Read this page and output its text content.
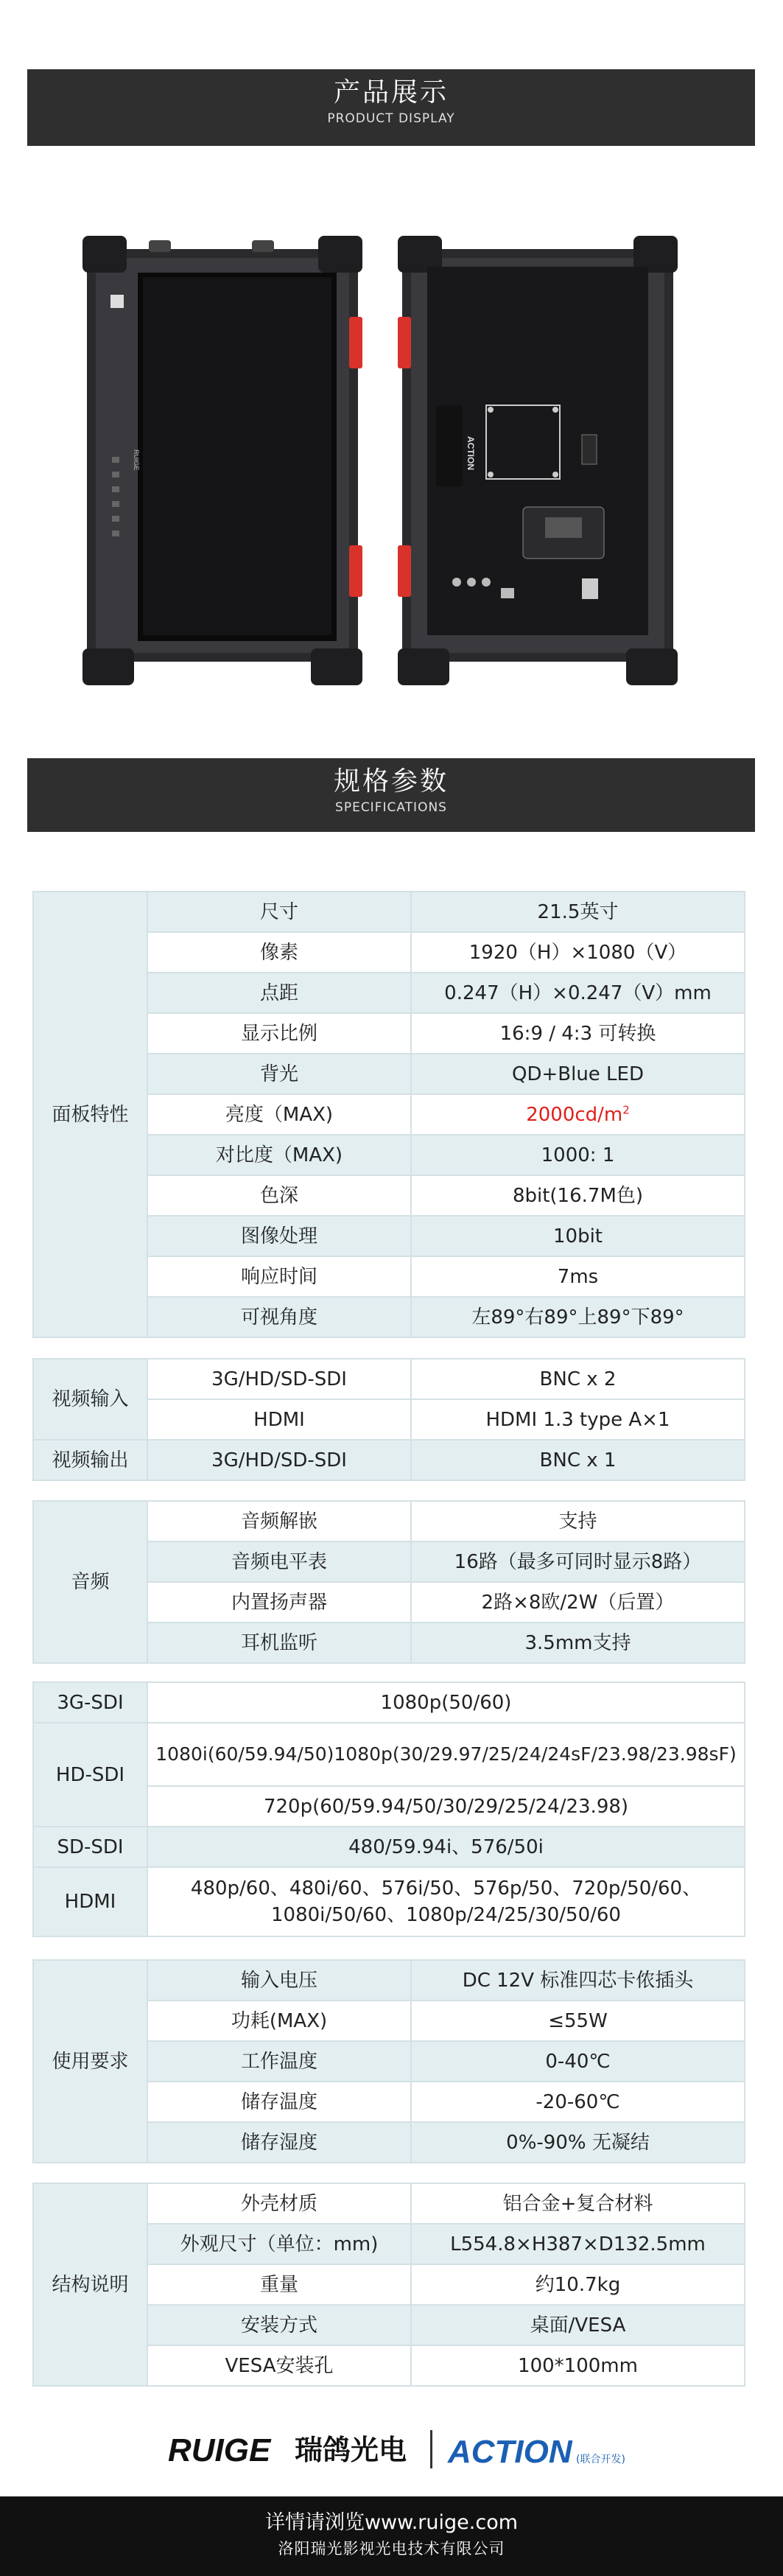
产品展示
PRODUCT DISPLAY
RUIGE	ACTION
规格参数
SPECIFICATIONS
面板特性	尺寸	21.5英寸
	像素	1920（H）×1080（V）
	点距	0.247（H）×0.247（V）mm
	显示比例	16:9 / 4:3 可转换
	背光	QD+Blue LED
	亮度（MAX)	$2000cd/m^2$
	对比度（MAX)	1000: 1
	色深	8bit(16.7M色)
	图像处理	10bit
	响应时间	7ms
	可视角度	左89°右89°上89°下89°
视频输入	3G/HD/SD-SDI	BNC x 2
	HDMI	HDMI 1.3 type A×1
视频输出	3G/HD/SD-SDI	BNC x 1
音频	音频解嵌	支持
	音频电平表	16路（最多可同时显示8路）
	内置扬声器	2路×8欧/2W（后置）
	耳机监听	3.5mm支持
3G-SDI	1080p(50/60)
HD-SDI	1080i(60/59.94/50)1080p(30/29.97/25/24/24sF/23.98/23.98sF)
	720p(60/59.94/50/30/29/25/24/23.98)
SD-SDI	480/59.94i、576/50i
HDMI	480p/60、480i/60、576i/50、576p/50、720p/50/60、
1080i/50/60、1080p/24/25/30/50/60
使用要求	输入电压	DC 12V 标准四芯卡侬插头
	功耗(MAX)	≤55W
	工作温度	0-40℃
	储存温度	-20-60℃
	储存湿度	0%-90% 无凝结
结构说明	外壳材质	铝合金+复合材料
	外观尺寸（单位：mm)	L554.8×H387×D132.5mm
	重量	约10.7kg
	安装方式	桌面/VESA
	VESA安装孔	100*100mm
RUIGE 瑞鸽光电 ACTION (联合开发)
详情请浏览www.ruige.com
洛阳瑞光影视光电技术有限公司
